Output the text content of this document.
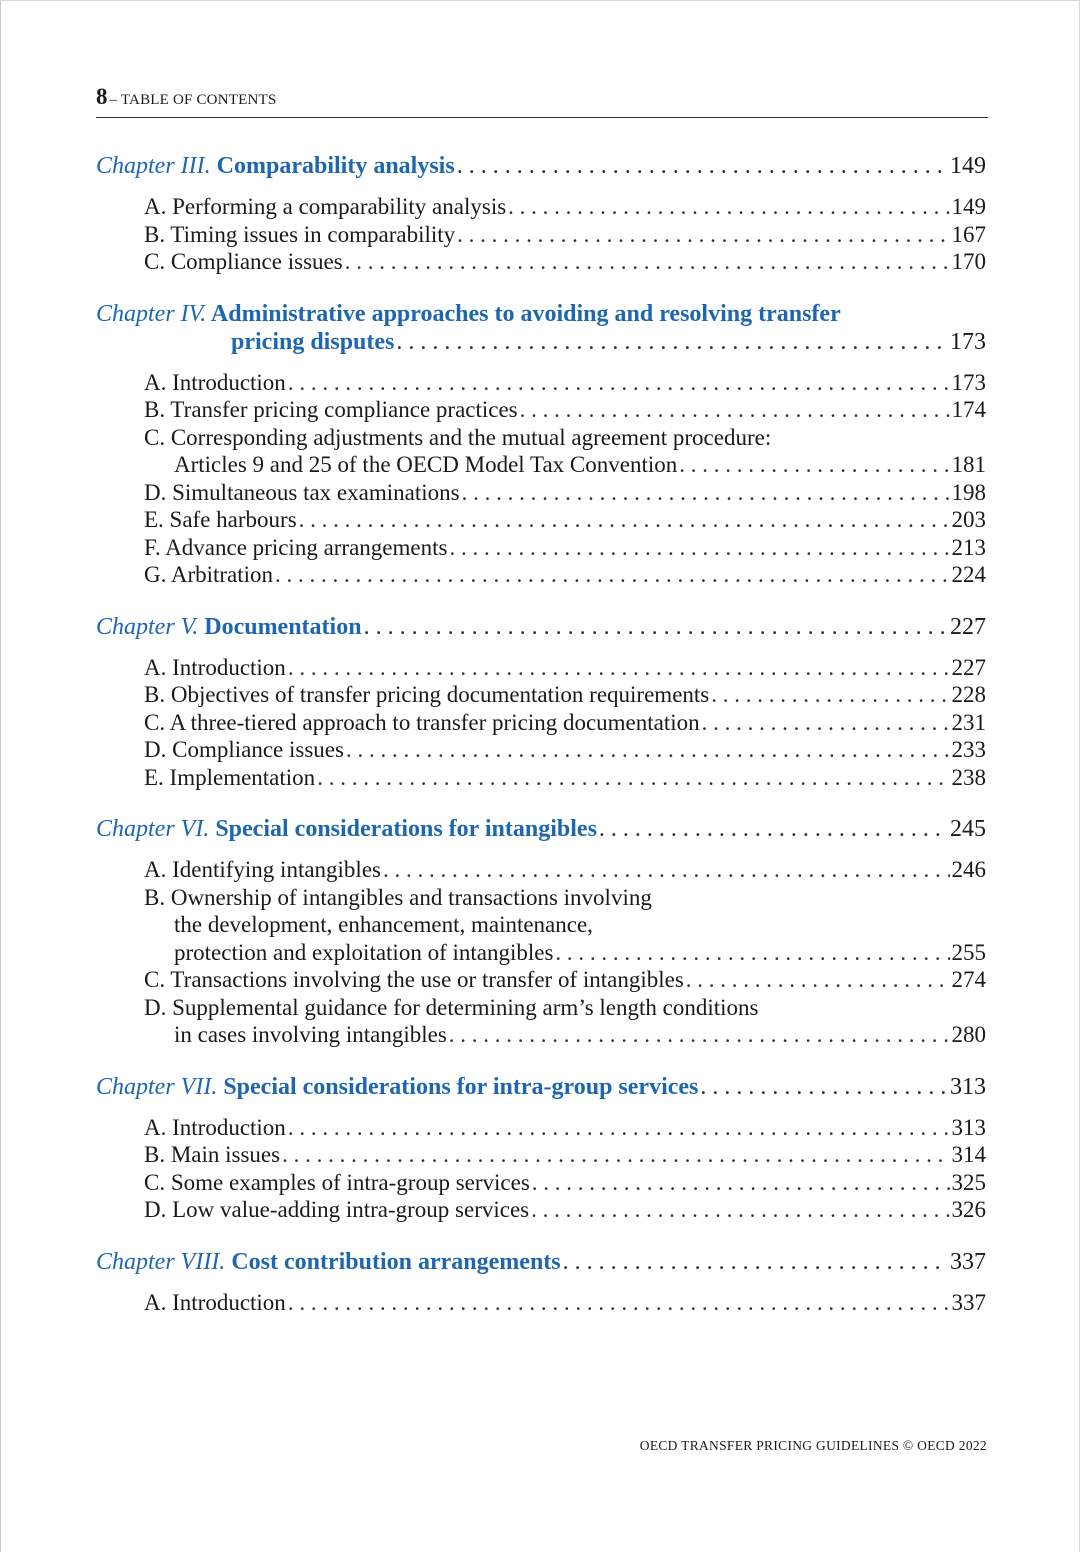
8 – TABLE OF CONTENTS
Chapter III. Comparability analysis . . .	149
A. Performing a comparability analysis . . .	149
B. Timing issues in comparability . . .	167
C. Compliance issues . . .	170
Chapter IV. Administrative approaches to avoiding and resolving transfer
pricing disputes . . .	173
A. Introduction . . .	173
B. Transfer pricing compliance practices . . .	174
C. Corresponding adjustments and the mutual agreement procedure:
Articles 9 and 25 of the OECD Model Tax Convention . . .	181
D. Simultaneous tax examinations . . .	198
E. Safe harbours . . .	203
F. Advance pricing arrangements . . .	213
G. Arbitration . . .	224
Chapter V. Documentation . . .	227
A. Introduction . . .	227
B. Objectives of transfer pricing documentation requirements . . .	228
C. A three-tiered approach to transfer pricing documentation . . .	231
D. Compliance issues . . .	233
E. Implementation . . .	238
Chapter VI. Special considerations for intangibles . . .	245
A. Identifying intangibles . . .	246
B. Ownership of intangibles and transactions involving
the development, enhancement, maintenance,
protection and exploitation of intangibles . . .	255
C. Transactions involving the use or transfer of intangibles . . .	274
D. Supplemental guidance for determining arm’s length conditions
in cases involving intangibles . . .	280
Chapter VII. Special considerations for intra-group services . . .	313
A. Introduction . . .	313
B. Main issues . . .	314
C. Some examples of intra-group services . . .	325
D. Low value-adding intra-group services . . .	326
Chapter VIII. Cost contribution arrangements . . .	337
A. Introduction . . .	337
OECD TRANSFER PRICING GUIDELINES © OECD 2022
